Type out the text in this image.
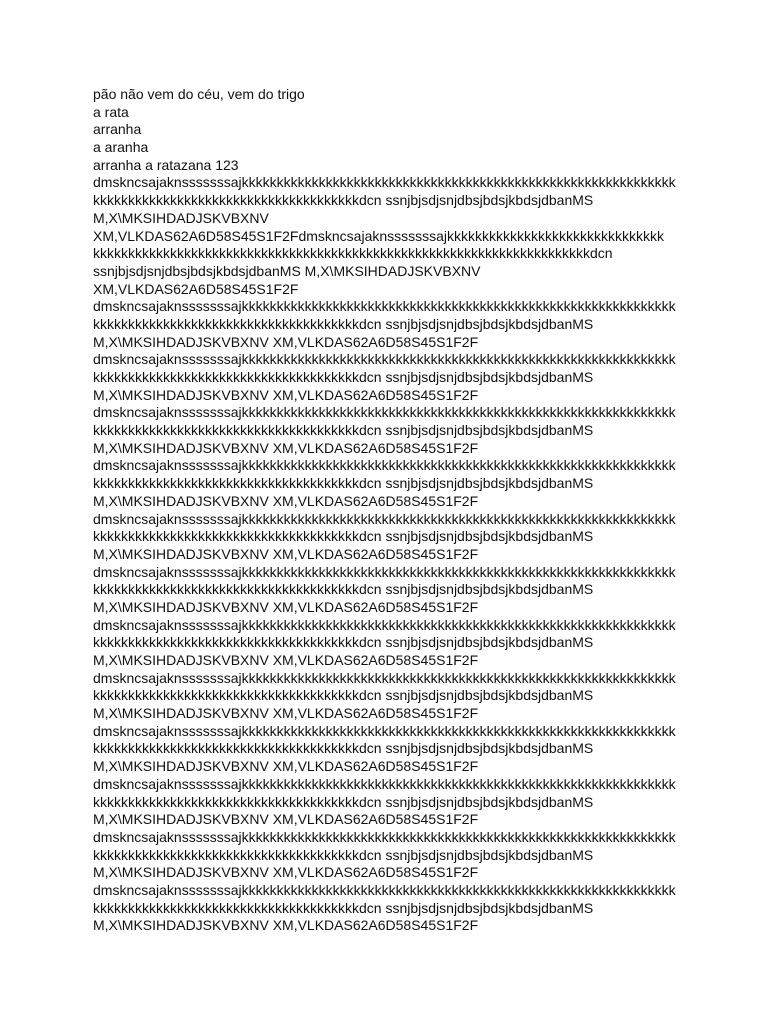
pão não vem do céu, vem do trigo
a rata
arranha
a aranha
arranha a ratazana 123
dmskncsajaknsssssssajkkkkkkkkkkkkkkkkkkkkkkkkkkkkkkkkkkkkkkkkkkkkkkkkkkkkkkkkkkkkkk
kkkkkkkkkkkkkkkkkkkkkkkkkkkkkkkkkkkkkkdcn ssnjbjsdjsnjdbsjbdsjkbdsjdbanMS
M,X\MKSIHDADJSKVBXNV
XM,VLKDAS62A6D58S45S1F2Fdmskncsajaknsssssssajkkkkkkkkkkkkkkkkkkkkkkkkkkkkkkk
kkkkkkkkkkkkkkkkkkkkkkkkkkkkkkkkkkkkkkkkkkkkkkkkkkkkkkkkkkkkkkkkkkkkkkkdcn
ssnjbjsdjsnjdbsjbdsjkbdsjdbanMS M,X\MKSIHDADJSKVBXNV
XM,VLKDAS62A6D58S45S1F2F
dmskncsajaknsssssssajkkkkkkkkkkkkkkkkkkkkkkkkkkkkkkkkkkkkkkkkkkkkkkkkkkkkkkkkkkkkkk
kkkkkkkkkkkkkkkkkkkkkkkkkkkkkkkkkkkkkkdcn ssnjbjsdjsnjdbsjbdsjkbdsjdbanMS
M,X\MKSIHDADJSKVBXNV XM,VLKDAS62A6D58S45S1F2F
dmskncsajaknsssssssajkkkkkkkkkkkkkkkkkkkkkkkkkkkkkkkkkkkkkkkkkkkkkkkkkkkkkkkkkkkkkk
kkkkkkkkkkkkkkkkkkkkkkkkkkkkkkkkkkkkkkdcn ssnjbjsdjsnjdbsjbdsjkbdsjdbanMS
M,X\MKSIHDADJSKVBXNV XM,VLKDAS62A6D58S45S1F2F
dmskncsajaknsssssssajkkkkkkkkkkkkkkkkkkkkkkkkkkkkkkkkkkkkkkkkkkkkkkkkkkkkkkkkkkkkkk
kkkkkkkkkkkkkkkkkkkkkkkkkkkkkkkkkkkkkkdcn ssnjbjsdjsnjdbsjbdsjkbdsjdbanMS
M,X\MKSIHDADJSKVBXNV XM,VLKDAS62A6D58S45S1F2F
dmskncsajaknsssssssajkkkkkkkkkkkkkkkkkkkkkkkkkkkkkkkkkkkkkkkkkkkkkkkkkkkkkkkkkkkkkk
kkkkkkkkkkkkkkkkkkkkkkkkkkkkkkkkkkkkkkdcn ssnjbjsdjsnjdbsjbdsjkbdsjdbanMS
M,X\MKSIHDADJSKVBXNV XM,VLKDAS62A6D58S45S1F2F
dmskncsajaknsssssssajkkkkkkkkkkkkkkkkkkkkkkkkkkkkkkkkkkkkkkkkkkkkkkkkkkkkkkkkkkkkkk
kkkkkkkkkkkkkkkkkkkkkkkkkkkkkkkkkkkkkkdcn ssnjbjsdjsnjdbsjbdsjkbdsjdbanMS
M,X\MKSIHDADJSKVBXNV XM,VLKDAS62A6D58S45S1F2F
dmskncsajaknsssssssajkkkkkkkkkkkkkkkkkkkkkkkkkkkkkkkkkkkkkkkkkkkkkkkkkkkkkkkkkkkkkk
kkkkkkkkkkkkkkkkkkkkkkkkkkkkkkkkkkkkkkdcn ssnjbjsdjsnjdbsjbdsjkbdsjdbanMS
M,X\MKSIHDADJSKVBXNV XM,VLKDAS62A6D58S45S1F2F
dmskncsajaknsssssssajkkkkkkkkkkkkkkkkkkkkkkkkkkkkkkkkkkkkkkkkkkkkkkkkkkkkkkkkkkkkkk
kkkkkkkkkkkkkkkkkkkkkkkkkkkkkkkkkkkkkkdcn ssnjbjsdjsnjdbsjbdsjkbdsjdbanMS
M,X\MKSIHDADJSKVBXNV XM,VLKDAS62A6D58S45S1F2F
dmskncsajaknsssssssajkkkkkkkkkkkkkkkkkkkkkkkkkkkkkkkkkkkkkkkkkkkkkkkkkkkkkkkkkkkkkk
kkkkkkkkkkkkkkkkkkkkkkkkkkkkkkkkkkkkkkdcn ssnjbjsdjsnjdbsjbdsjkbdsjdbanMS
M,X\MKSIHDADJSKVBXNV XM,VLKDAS62A6D58S45S1F2F
dmskncsajaknsssssssajkkkkkkkkkkkkkkkkkkkkkkkkkkkkkkkkkkkkkkkkkkkkkkkkkkkkkkkkkkkkkk
kkkkkkkkkkkkkkkkkkkkkkkkkkkkkkkkkkkkkkdcn ssnjbjsdjsnjdbsjbdsjkbdsjdbanMS
M,X\MKSIHDADJSKVBXNV XM,VLKDAS62A6D58S45S1F2F
dmskncsajaknsssssssajkkkkkkkkkkkkkkkkkkkkkkkkkkkkkkkkkkkkkkkkkkkkkkkkkkkkkkkkkkkkkk
kkkkkkkkkkkkkkkkkkkkkkkkkkkkkkkkkkkkkkdcn ssnjbjsdjsnjdbsjbdsjkbdsjdbanMS
M,X\MKSIHDADJSKVBXNV XM,VLKDAS62A6D58S45S1F2F
dmskncsajaknsssssssajkkkkkkkkkkkkkkkkkkkkkkkkkkkkkkkkkkkkkkkkkkkkkkkkkkkkkkkkkkkkkk
kkkkkkkkkkkkkkkkkkkkkkkkkkkkkkkkkkkkkkdcn ssnjbjsdjsnjdbsjbdsjkbdsjdbanMS
M,X\MKSIHDADJSKVBXNV XM,VLKDAS62A6D58S45S1F2F
dmskncsajaknsssssssajkkkkkkkkkkkkkkkkkkkkkkkkkkkkkkkkkkkkkkkkkkkkkkkkkkkkkkkkkkkkkk
kkkkkkkkkkkkkkkkkkkkkkkkkkkkkkkkkkkkkkdcn ssnjbjsdjsnjdbsjbdsjkbdsjdbanMS
M,X\MKSIHDADJSKVBXNV XM,VLKDAS62A6D58S45S1F2F
